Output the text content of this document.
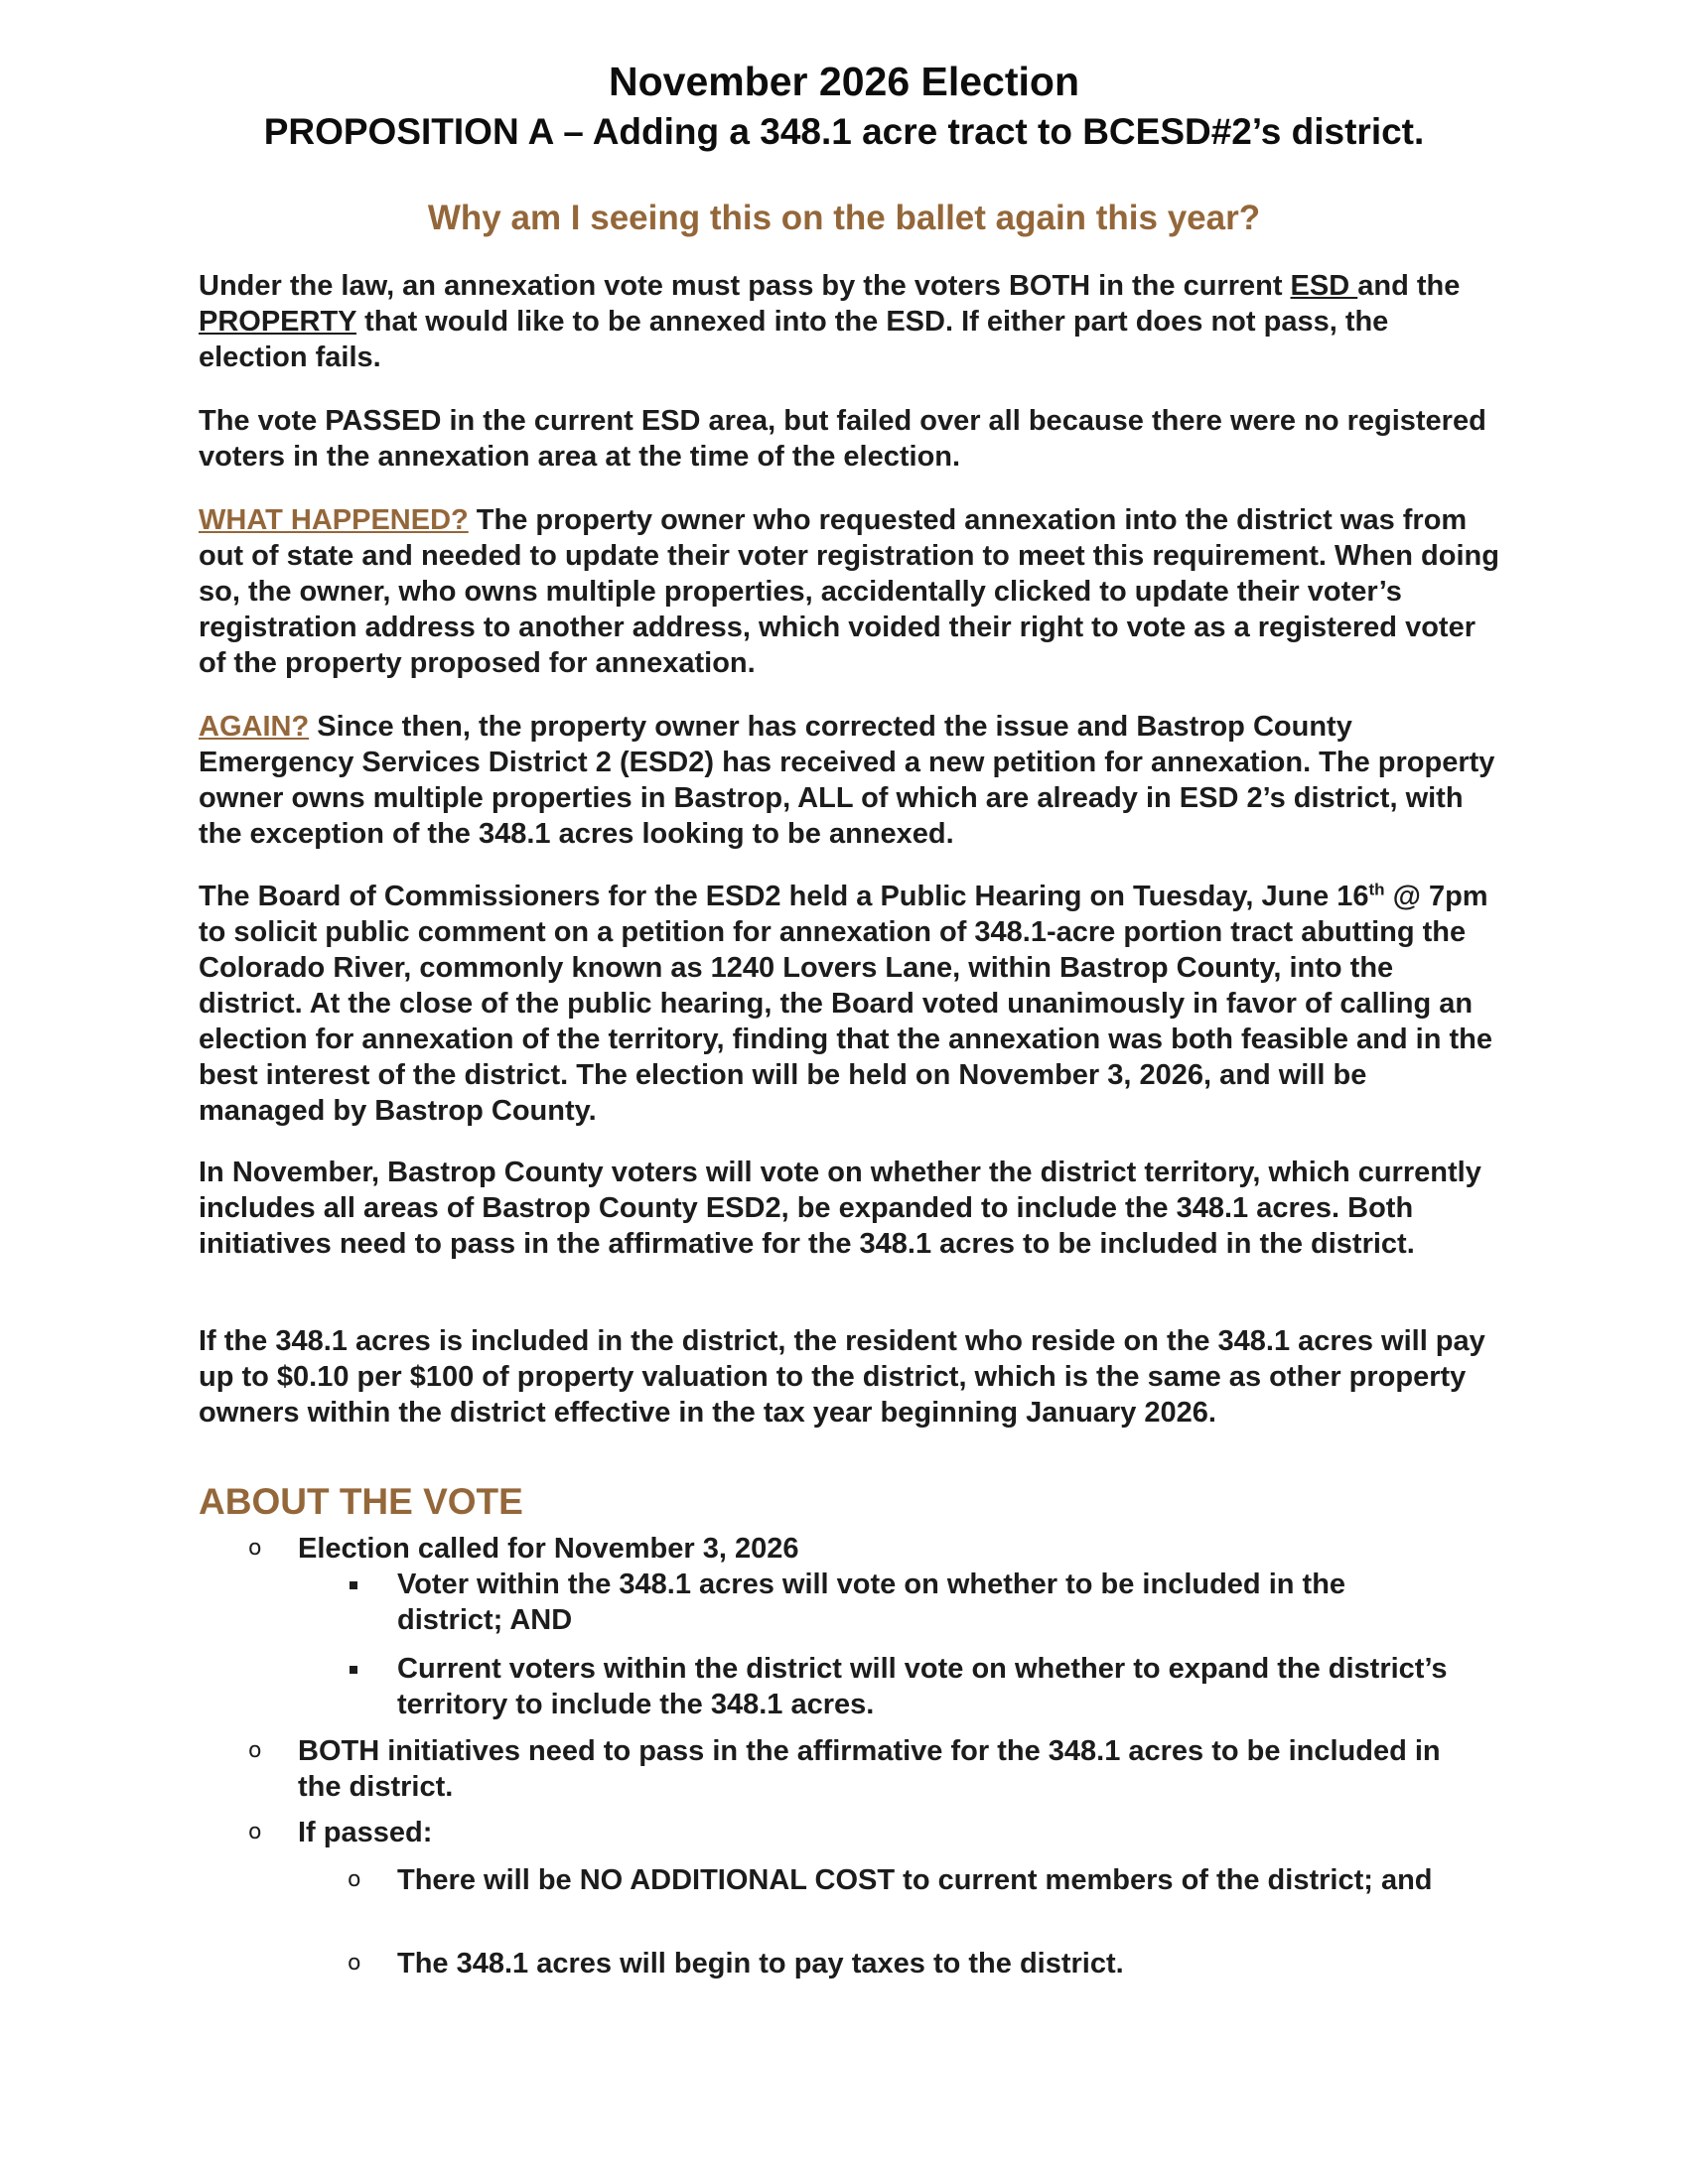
November 2026 Election
PROPOSITION A – Adding a 348.1 acre tract to BCESD#2’s district.
Why am I seeing this on the ballet again this year?
Under the law, an annexation vote must pass by the voters BOTH in the current ESD and the PROPERTY that would like to be annexed into the ESD. If either part does not pass, the election fails.
The vote PASSED in the current ESD area, but failed over all because there were no registered voters in the annexation area at the time of the election.
WHAT HAPPENED? The property owner who requested annexation into the district was from out of state and needed to update their voter registration to meet this requirement. When doing so, the owner, who owns multiple properties, accidentally clicked to update their voter’s registration address to another address, which voided their right to vote as a registered voter of the property proposed for annexation.
AGAIN? Since then, the property owner has corrected the issue and Bastrop County Emergency Services District 2 (ESD2) has received a new petition for annexation. The property owner owns multiple properties in Bastrop, ALL of which are already in ESD 2’s district, with the exception of the 348.1 acres looking to be annexed.
The Board of Commissioners for the ESD2 held a Public Hearing on Tuesday, June 16th @ 7pm to solicit public comment on a petition for annexation of 348.1-acre portion tract abutting the Colorado River, commonly known as 1240 Lovers Lane, within Bastrop County, into the district. At the close of the public hearing, the Board voted unanimously in favor of calling an election for annexation of the territory, finding that the annexation was both feasible and in the best interest of the district. The election will be held on November 3, 2026, and will be managed by Bastrop County.
In November, Bastrop County voters will vote on whether the district territory, which currently includes all areas of Bastrop County ESD2, be expanded to include the 348.1 acres. Both initiatives need to pass in the affirmative for the 348.1 acres to be included in the district.
If the 348.1 acres is included in the district, the resident who reside on the 348.1 acres will pay up to $0.10 per $100 of property valuation to the district, which is the same as other property owners within the district effective in the tax year beginning January 2026.
ABOUT THE VOTE
o Election called for November 3, 2026
Voter within the 348.1 acres will vote on whether to be included in the district; AND
Current voters within the district will vote on whether to expand the district’s territory to include the 348.1 acres.
o BOTH initiatives need to pass in the affirmative for the 348.1 acres to be included in the district.
o If passed:
o There will be NO ADDITIONAL COST to current members of the district; and
o The 348.1 acres will begin to pay taxes to the district.
